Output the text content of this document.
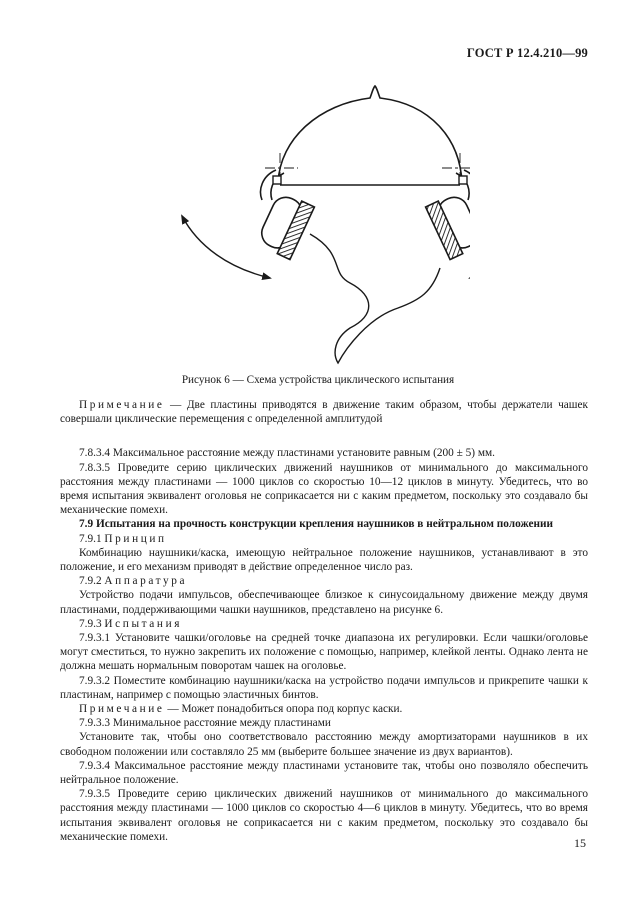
ГОСТ Р 12.4.210—99
Рисунок 6 — Схема устройства циклического испытания

Примечание — Две пластины приводятся в движение таким образом, чтобы держатели чашек совершали циклические перемещения с определенной амплитудой

7.8.3.4 Максимальное расстояние между пластинами установите равным (200 ± 5) мм.

7.8.3.5 Проведите серию циклических движений наушников от минимального до максимального расстояния между пластинами — 1000 циклов со скоростью 10—12 циклов в минуту. Убедитесь, что во время испытания эквивалент оголовья не соприкасается ни с каким предметом, поскольку это создавало бы механические помехи.

7.9 Испытания на прочность конструкции крепления наушников в нейтральном положении

7.9.1 Принцип

Комбинацию наушники/каска, имеющую нейтральное положение наушников, устанавливают в это положение, и его механизм приводят в действие определенное число раз.

7.9.2 Аппаратура

Устройство подачи импульсов, обеспечивающее близкое к синусоидальному движение между двумя пластинами, поддерживающими чашки наушников, представлено на рисунке 6.

7.9.3 Испытания

7.9.3.1 Установите чашки/оголовье на средней точке диапазона их регулировки. Если чашки/оголовье могут сместиться, то нужно закрепить их положение с помощью, например, клейкой ленты. Однако лента не должна мешать нормальным поворотам чашек на оголовье.

7.9.3.2 Поместите комбинацию наушники/каска на устройство подачи импульсов и прикрепите чашки к пластинам, например с помощью эластичных бинтов.

Примечание — Может понадобиться опора под корпус каски.

7.9.3.3 Минимальное расстояние между пластинами

Установите так, чтобы оно соответствовало расстоянию между амортизаторами наушников в их свободном положении или составляло 25 мм (выберите большее значение из двух вариантов).

7.9.3.4 Максимальное расстояние между пластинами установите так, чтобы оно позволяло обеспечить нейтральное положение.

7.9.3.5 Проведите серию циклических движений наушников от минимального до максимального расстояния между пластинами — 1000 циклов со скоростью 4—6 циклов в минуту. Убедитесь, что во время испытания эквивалент оголовья не соприкасается ни с каким предметом, поскольку это создавало бы механические помехи.	15
